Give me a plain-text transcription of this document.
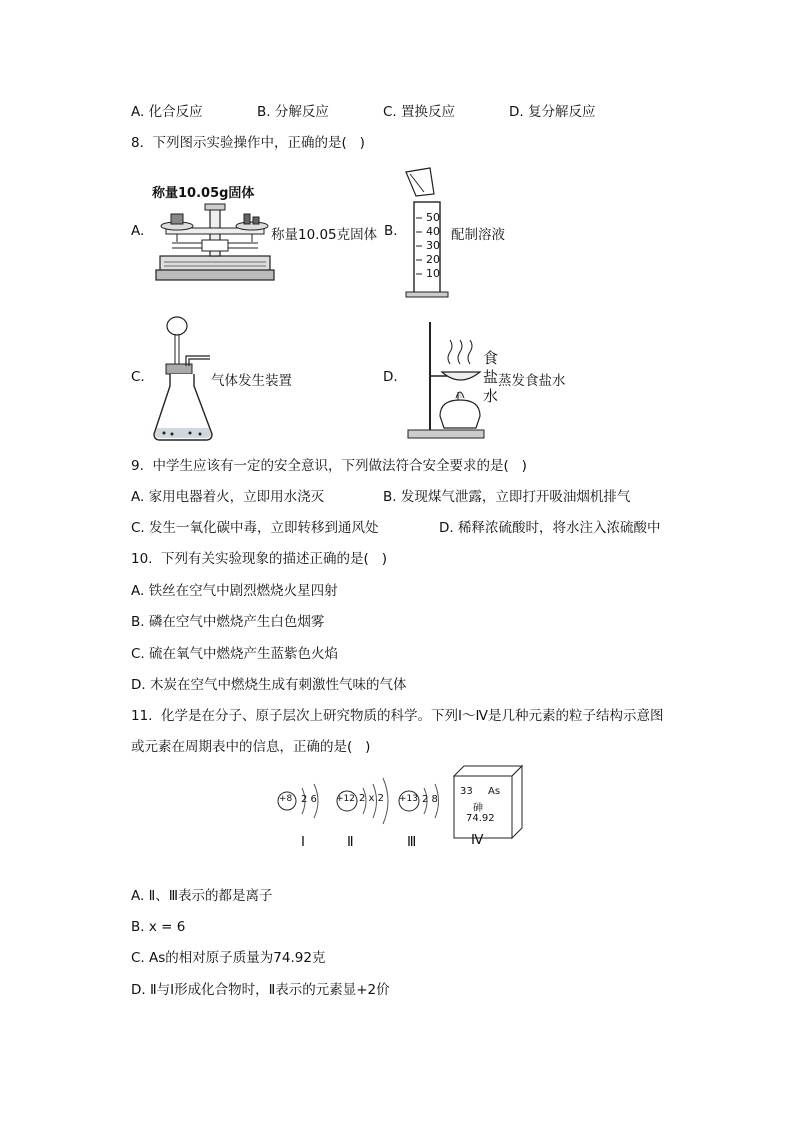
A. 化合反应	B. 分解反应	C. 置换反应	D. 复分解反应
8.  下列图示实验操作中，正确的是(   )
A.
称量10.05g固体
称量10.05克固体 B.
50
40
30
20
10
配制溶液
C.	气体发生装置	D.
食
盐
水
蒸发食盐水
9.  中学生应该有一定的安全意识，下列做法符合安全要求的是(   )
A. 家用电器着火，立即用水浇灭	B. 发现煤气泄露，立即打开吸油烟机排气
C. 发生一氧化碳中毒，立即转移到通风处	D. 稀释浓硫酸时，将水注入浓硫酸中
10.  下列有关实验现象的描述正确的是(   )
A. 铁丝在空气中剧烈燃烧火星四射
B. 磷在空气中燃烧产生白色烟雾
C. 硫在氧气中燃烧产生蓝紫色火焰
D. 木炭在空气中燃烧生成有刺激性气味的气体
11.  化学是在分子、原子层次上研究物质的科学。下列Ⅰ～Ⅳ是几种元素的粒子结构示意图
或元素在周期表中的信息，正确的是(   )
+8 2 6 +12 2 x 2 +13 2 8
33 As
砷
74.92
Ⅰ	Ⅱ	Ⅲ	Ⅳ
A. Ⅱ、Ⅲ表示的都是离子
B. x = 6
C. As的相对原子质量为74.92克
D. Ⅱ与Ⅰ形成化合物时，Ⅱ表示的元素显+2价
